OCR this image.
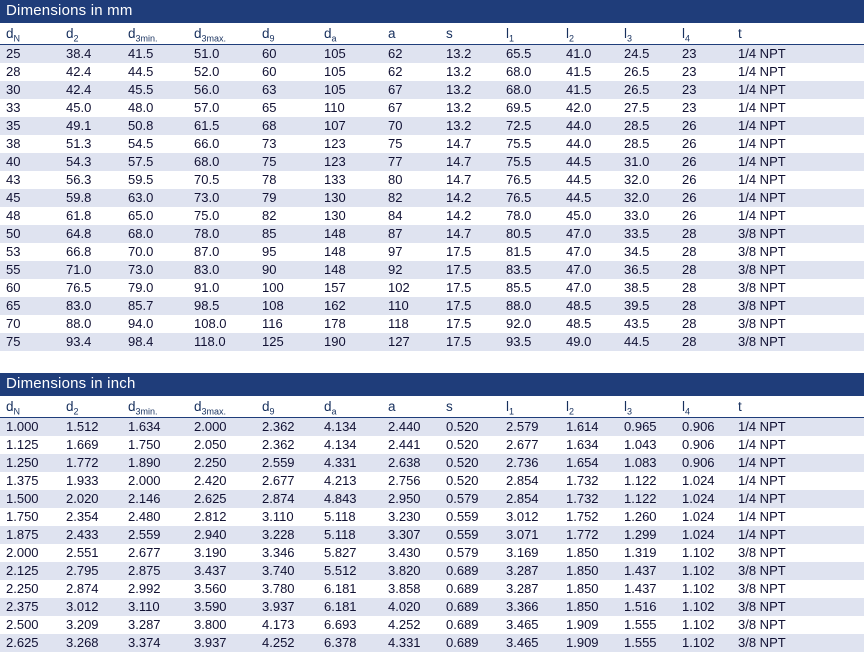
Dimensions in mm
$d_N$	$d_2$	$d_{3min.}$	$d_{3max.}$	$d_9$	$d_a$	a	s	$l_1$	$l_2$	$l_3$	$l_4$	t
25	38.4	41.5	51.0	60	105	62	13.2	65.5	41.0	24.5	23	1/4 NPT
28	42.4	44.5	52.0	60	105	62	13.2	68.0	41.5	26.5	23	1/4 NPT
30	42.4	45.5	56.0	63	105	67	13.2	68.0	41.5	26.5	23	1/4 NPT
33	45.0	48.0	57.0	65	110	67	13.2	69.5	42.0	27.5	23	1/4 NPT
35	49.1	50.8	61.5	68	107	70	13.2	72.5	44.0	28.5	26	1/4 NPT
38	51.3	54.5	66.0	73	123	75	14.7	75.5	44.0	28.5	26	1/4 NPT
40	54.3	57.5	68.0	75	123	77	14.7	75.5	44.5	31.0	26	1/4 NPT
43	56.3	59.5	70.5	78	133	80	14.7	76.5	44.5	32.0	26	1/4 NPT
45	59.8	63.0	73.0	79	130	82	14.2	76.5	44.5	32.0	26	1/4 NPT
48	61.8	65.0	75.0	82	130	84	14.2	78.0	45.0	33.0	26	1/4 NPT
50	64.8	68.0	78.0	85	148	87	14.7	80.5	47.0	33.5	28	3/8 NPT
53	66.8	70.0	87.0	95	148	97	17.5	81.5	47.0	34.5	28	3/8 NPT
55	71.0	73.0	83.0	90	148	92	17.5	83.5	47.0	36.5	28	3/8 NPT
60	76.5	79.0	91.0	100	157	102	17.5	85.5	47.0	38.5	28	3/8 NPT
65	83.0	85.7	98.5	108	162	110	17.5	88.0	48.5	39.5	28	3/8 NPT
70	88.0	94.0	108.0	116	178	118	17.5	92.0	48.5	43.5	28	3/8 NPT
75	93.4	98.4	118.0	125	190	127	17.5	93.5	49.0	44.5	28	3/8 NPT
Dimensions in inch
$d_N$	$d_2$	$d_{3min.}$	$d_{3max.}$	$d_9$	$d_a$	a	s	$l_1$	$l_2$	$l_3$	$l_4$	t
1.000	1.512	1.634	2.000	2.362	4.134	2.440	0.520	2.579	1.614	0.965	0.906	1/4 NPT
1.125	1.669	1.750	2.050	2.362	4.134	2.441	0.520	2.677	1.634	1.043	0.906	1/4 NPT
1.250	1.772	1.890	2.250	2.559	4.331	2.638	0.520	2.736	1.654	1.083	0.906	1/4 NPT
1.375	1.933	2.000	2.420	2.677	4.213	2.756	0.520	2.854	1.732	1.122	1.024	1/4 NPT
1.500	2.020	2.146	2.625	2.874	4.843	2.950	0.579	2.854	1.732	1.122	1.024	1/4 NPT
1.750	2.354	2.480	2.812	3.110	5.118	3.230	0.559	3.012	1.752	1.260	1.024	1/4 NPT
1.875	2.433	2.559	2.940	3.228	5.118	3.307	0.559	3.071	1.772	1.299	1.024	1/4 NPT
2.000	2.551	2.677	3.190	3.346	5.827	3.430	0.579	3.169	1.850	1.319	1.102	3/8 NPT
2.125	2.795	2.875	3.437	3.740	5.512	3.820	0.689	3.287	1.850	1.437	1.102	3/8 NPT
2.250	2.874	2.992	3.560	3.780	6.181	3.858	0.689	3.287	1.850	1.437	1.102	3/8 NPT
2.375	3.012	3.110	3.590	3.937	6.181	4.020	0.689	3.366	1.850	1.516	1.102	3/8 NPT
2.500	3.209	3.287	3.800	4.173	6.693	4.252	0.689	3.465	1.909	1.555	1.102	3/8 NPT
2.625	3.268	3.374	3.937	4.252	6.378	4.331	0.689	3.465	1.909	1.555	1.102	3/8 NPT
